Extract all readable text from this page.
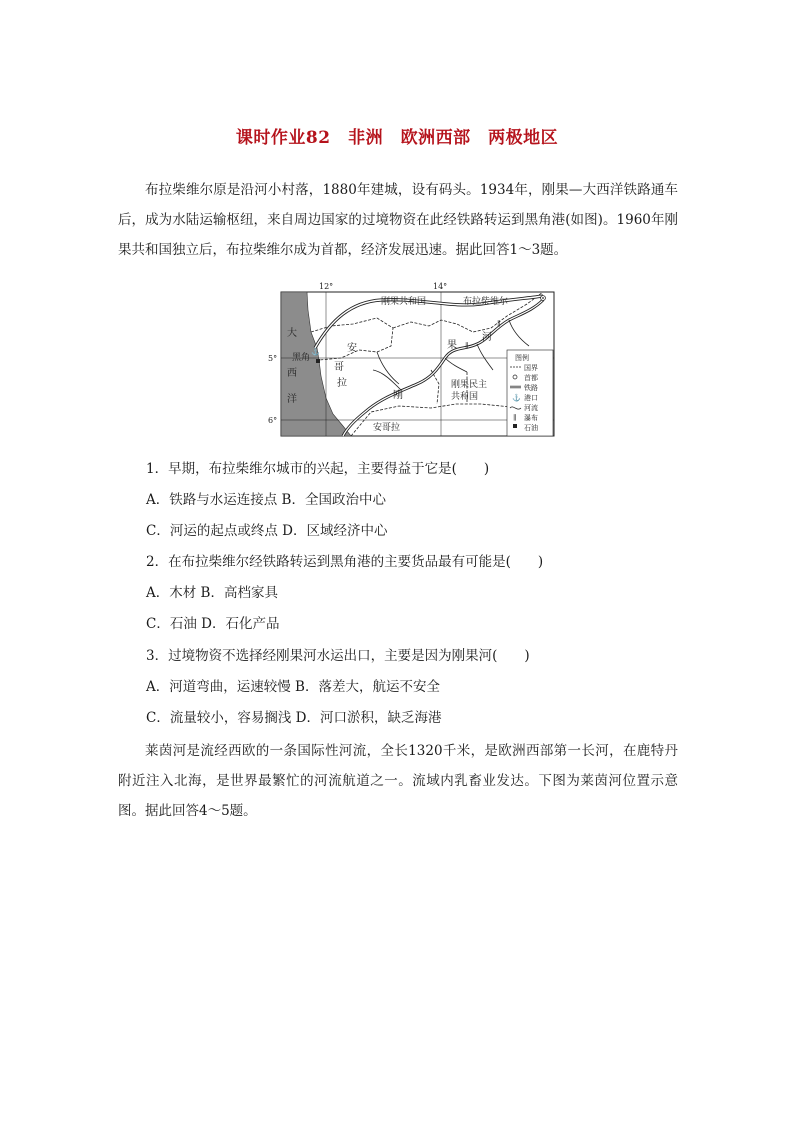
课时作业82　非洲　欧洲西部　两极地区

布拉柴维尔原是沿河小村落，1880年建城，设有码头。1934年，刚果—大西洋铁路通车后，成为水陆运输枢纽，来自周边国家的过境物资在此经铁路转运到黑角港(如图)。1960年刚果共和国独立后，布拉柴维尔成为首都，经济发展迅速。据此回答1～3题。

12°	14°
5°
6°
∥
∥
⚓
刚果共和国	布拉柴维尔
大
西
洋
黑角
安	果
河
哥
拉
刚
刚果民主
共和国
安哥拉
图例
国界
首都
铁路
⚓ 港口
河流
∥ 瀑布
石油
1．早期，布拉柴维尔城市的兴起，主要得益于它是(　　)
A．铁路与水运连接点 B．全国政治中心
C．河运的起点或终点 D．区域经济中心
2．在布拉柴维尔经铁路转运到黑角港的主要货品最有可能是(　　)
A．木材 B．高档家具
C．石油 D．石化产品
3．过境物资不选择经刚果河水运出口，主要是因为刚果河(　　)
A．河道弯曲，运速较慢 B．落差大，航运不安全
C．流量较小，容易搁浅 D．河口淤积，缺乏海港

莱茵河是流经西欧的一条国际性河流，全长1320千米，是欧洲西部第一长河，在鹿特丹附近注入北海，是世界最繁忙的河流航道之一。流域内乳畜业发达。下图为莱茵河位置示意图。据此回答4～5题。
